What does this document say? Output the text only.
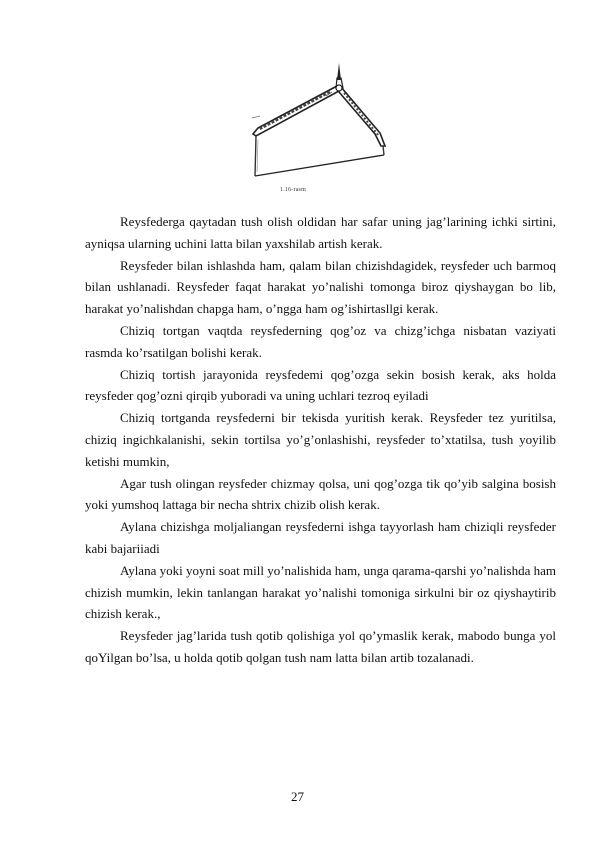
1.16-rasm

Reysfederga qaytadan tush olish oldidan har safar uning jag’larining ichki sirtini, ayniqsa ularning uchini latta bilan yaxshilab artish kerak.

Reysfeder bilan ishlashda ham, qalam bilan chizishdagidek, reysfeder uch barmoq bilan ushlanadi. Reysfeder faqat harakat yo’nalishi tomonga biroz qiyshaygan bo lib, harakat yo’nalishdan chapga ham, o’ngga ham og’ishirtasllgi kerak.

Chiziq tortgan vaqtda reysfederning qog’oz va chizg’ichga nisbatan vaziyati rasmda ko’rsatilgan bolishi kerak.

Chiziq tortish jarayonida reysfedemi qog’ozga sekin bosish kerak, aks holda reysfeder qog’ozni qirqib yuboradi va uning uchlari tezroq eyiladi

Chiziq tortganda reysfederni bir tekisda yuritish kerak. Reysfeder tez yuritilsa, chiziq ingichkalanishi, sekin tortilsa yo’g’onlashishi, reysfeder to’xtatilsa, tush yoyilib ketishi mumkin,

Agar tush olingan reysfeder chizmay qolsa, uni qog’ozga tik qo’yib salgina bosish yoki yumshoq lattaga bir necha shtrix chizib olish kerak.

Aylana chizishga moljaliangan reysfederni ishga tayyorlash ham chiziqli reysfeder kabi bajariiadi

Aylana yoki yoyni soat mill yo’nalishida ham, unga qarama-qarshi yo’nalishda ham chizish mumkin, lekin tanlangan harakat yo’nalishi tomoniga sirkulni bir oz qiyshaytirib chizish kerak.,

Reysfeder jag’larida tush qotib qolishiga yol qo’ymaslik kerak, mabodo bunga yol qoYilgan bo’lsa, u holda qotib qolgan tush nam latta bilan artib tozalanadi.

27
